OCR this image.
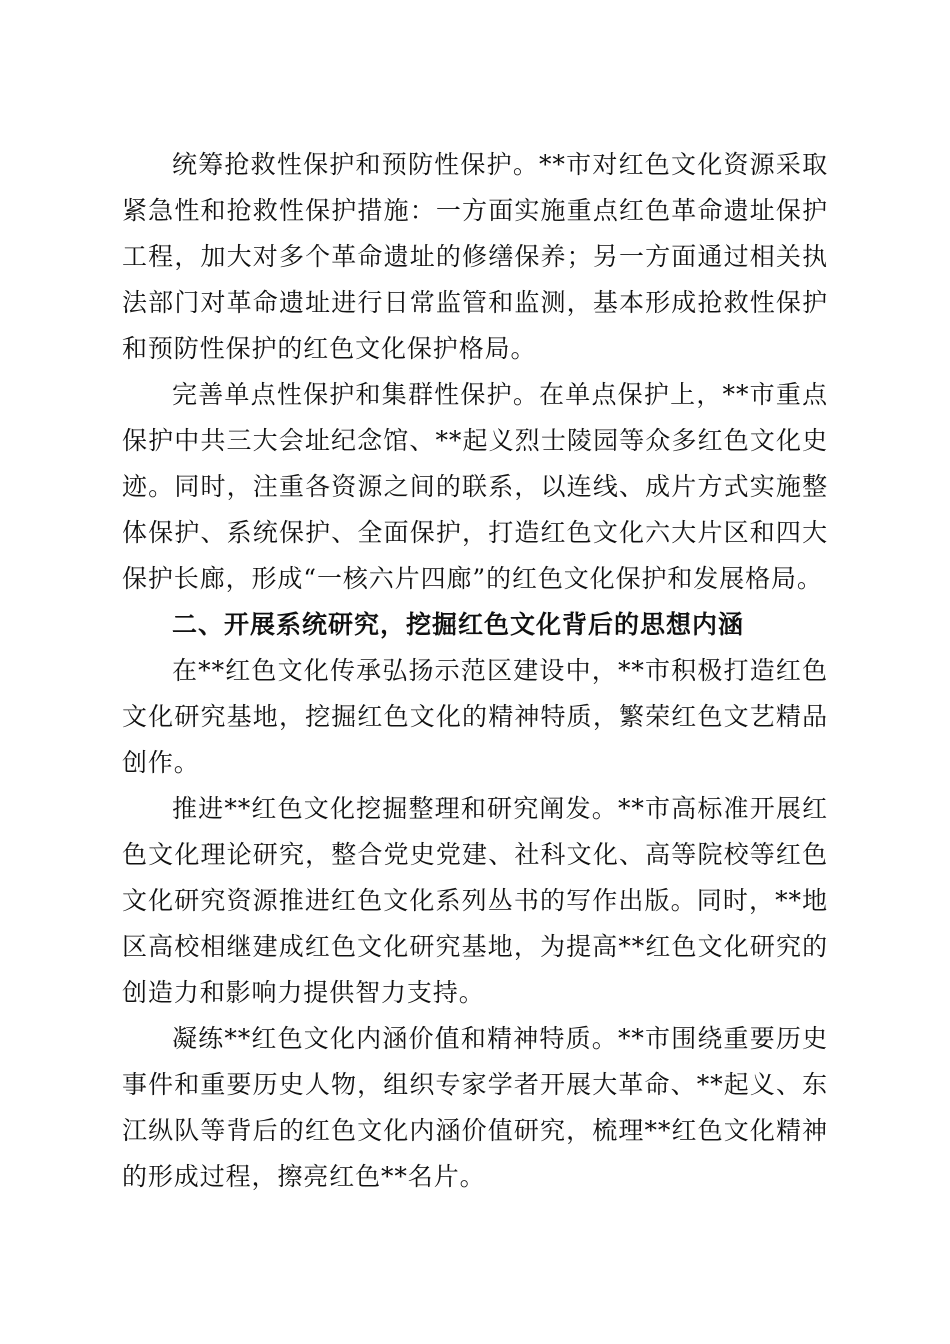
统筹抢救性保护和预防性保护。**市对红色文化资源采取紧急性和抢救性保护措施：一方面实施重点红色革命遗址保护工程，加大对多个革命遗址的修缮保养；另一方面通过相关执法部门对革命遗址进行日常监管和监测，基本形成抢救性保护和预防性保护的红色文化保护格局。

完善单点性保护和集群性保护。在单点保护上，**市重点保护中共三大会址纪念馆、**起义烈士陵园等众多红色文化史迹。同时，注重各资源之间的联系，以连线、成片方式实施整体保护、系统保护、全面保护，打造红色文化六大片区和四大保护长廊，形成“一核六片四廊”的红色文化保护和发展格局。

二、开展系统研究，挖掘红色文化背后的思想内涵

在**红色文化传承弘扬示范区建设中，**市积极打造红色文化研究基地，挖掘红色文化的精神特质，繁荣红色文艺精品创作。

推进**红色文化挖掘整理和研究阐发。**市高标准开展红色文化理论研究，整合党史党建、社科文化、高等院校等红色文化研究资源推进红色文化系列丛书的写作出版。同时，**地区高校相继建成红色文化研究基地，为提高**红色文化研究的创造力和影响力提供智力支持。

凝练**红色文化内涵价值和精神特质。**市围绕重要历史事件和重要历史人物，组织专家学者开展大革命、**起义、东江纵队等背后的红色文化内涵价值研究，梳理**红色文化精神的形成过程，擦亮红色**名片。
